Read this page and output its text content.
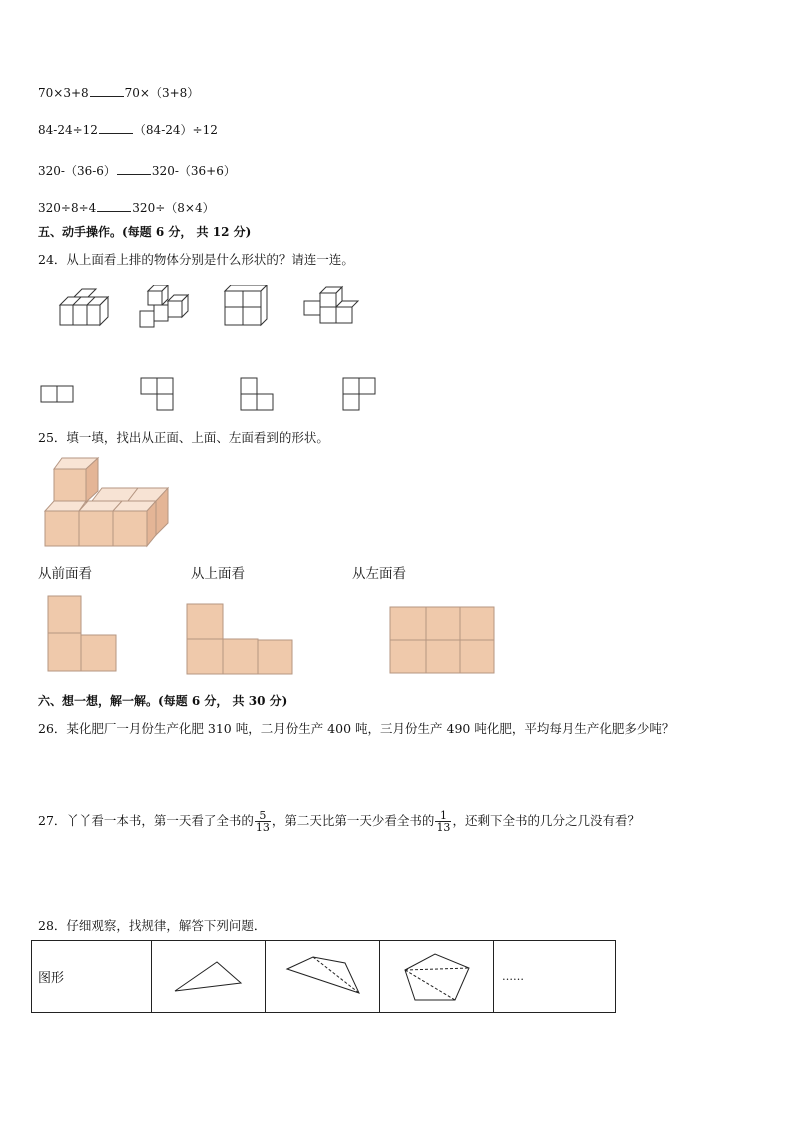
70×3+8	70×（3+8）
84-24÷12	（84-24）÷12
320-（36-6）	320-（36+6）
320÷8÷4	320÷（8×4）
五、动手操作。(每题 6 分， 共 12 分)
24．从上面看上排的物体分别是什么形状的？请连一连。
25．填一填，找出从正面、上面、左面看到的形状。
从前面看	从上面看	从左面看
六、想一想，解一解。(每题 6 分， 共 30 分)
26．某化肥厂一月份生产化肥 310 吨，二月份生产 400 吨，三月份生产 490 吨化肥，平均每月生产化肥多少吨？
27．丫丫看一本书，第一天看了全书的 $\frac{5}{13}$ ，第二天比第一天少看全书的 $\frac{1}{13}$ ，还剩下全书的几分之几没有看？
28．仔细观察，找规律，解答下列问题．
图形				……
